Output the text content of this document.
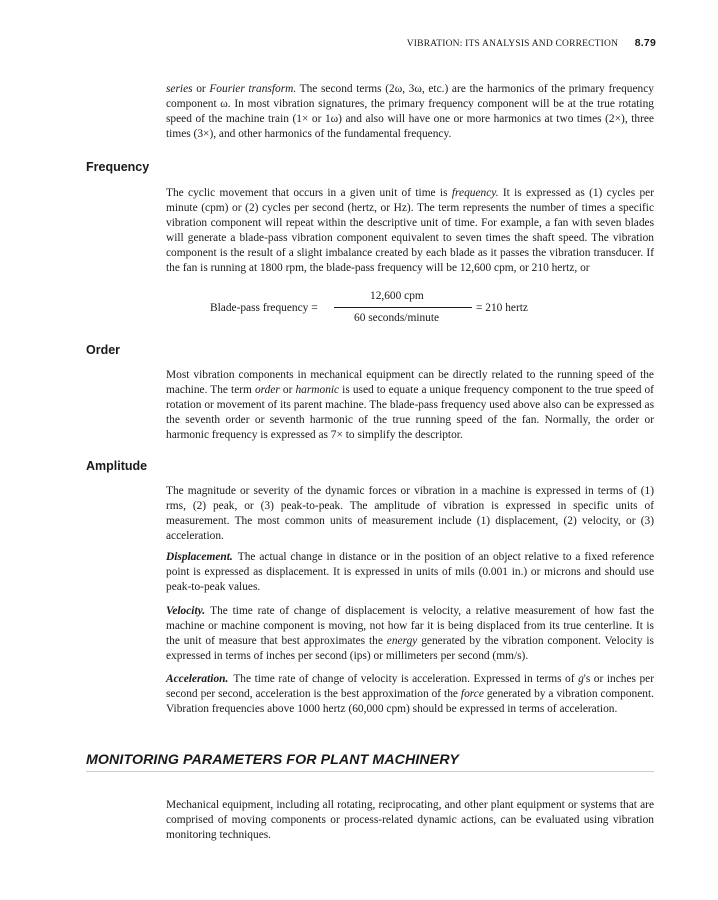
VIBRATION: ITS ANALYSIS AND CORRECTION 8.79

series or Fourier transform. The second terms (2ω, 3ω, etc.) are the harmonics of the primary frequency component ω. In most vibration signatures, the primary frequency component will be at the true rotating speed of the machine train (1× or 1ω) and also will have one or more harmonics at two times (2×), three times (3×), and other harmonics of the fundamental frequency.

Frequency

The cyclic movement that occurs in a given unit of time is frequency. It is expressed as (1) cycles per minute (cpm) or (2) cycles per second (hertz, or Hz). The term represents the number of times a specific vibration component will repeat within the descriptive unit of time. For example, a fan with seven blades will generate a blade-pass vibration component equivalent to seven times the shaft speed. The vibration component is the result of a slight imbalance created by each blade as it passes the vibration transducer. If the fan is running at 1800 rpm, the blade-pass frequency will be 12,600 cpm, or 210 hertz, or

Blade-pass frequency =
12,600 cpm
60 seconds/minute
= 210 hertz
Order

Most vibration components in mechanical equipment can be directly related to the running speed of the machine. The term order or harmonic is used to equate a unique frequency component to the true speed of rotation or movement of its parent machine. The blade-pass frequency used above also can be expressed as the seventh order or seventh harmonic of the true running speed of the fan. Normally, the order or harmonic frequency is expressed as 7× to simplify the descriptor.

Amplitude

The magnitude or severity of the dynamic forces or vibration in a machine is expressed in terms of (1) rms, (2) peak, or (3) peak-to-peak. The amplitude of vibration is expressed in specific units of measurement. The most common units of measurement include (1) displacement, (2) velocity, or (3) acceleration.

Displacement. The actual change in distance or in the position of an object relative to a fixed reference point is expressed as displacement. It is expressed in units of mils (0.001 in.) or microns and should use peak-to-peak values.

Velocity. The time rate of change of displacement is velocity, a relative measurement of how fast the machine or machine component is moving, not how far it is being displaced from its true centerline. It is the unit of measure that best approximates the energy generated by the vibration component. Velocity is expressed in terms of inches per second (ips) or millimeters per second (mm/s).

Acceleration. The time rate of change of velocity is acceleration. Expressed in terms of g's or inches per second per second, acceleration is the best approximation of the force generated by a vibration component. Vibration frequencies above 1000 hertz (60,000 cpm) should be expressed in terms of acceleration.

MONITORING PARAMETERS FOR PLANT MACHINERY

Mechanical equipment, including all rotating, reciprocating, and other plant equipment or systems that are comprised of moving components or process-related dynamic actions, can be evaluated using vibration monitoring techniques.
